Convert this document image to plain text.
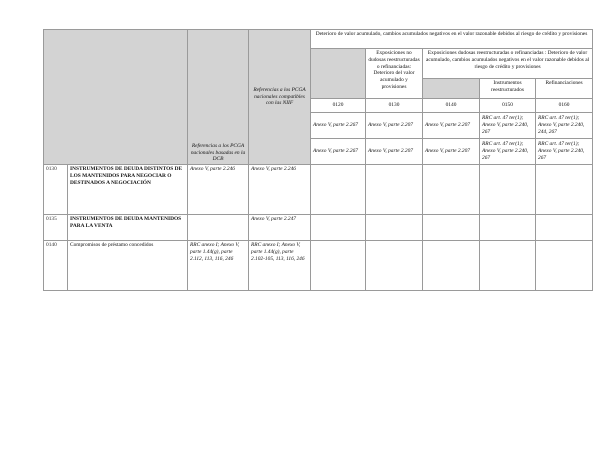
		Referencias a los PCGA nacionales basadas en la DCB	Referencias a los PCGA nacionales compatibles con las NIIF	Deterioro de valor acumulado, cambios acumulados negativos en el valor razonable debidos al riesgo de crédito y provisiones				
					Exposiciones no dudosas reestructuradas o refinanciadas: Deterioro del valor acumulado y provisiones	Exposiciones dudosas reestructuradas o refinanciadas : Deterioro de valor acumulado, cambios acumulados negativos en el valor razonable debidos al riesgo de crédito y provisiones		
							Instrumentos reestructurados	Refinanciaciones
				0120	0130	0140	0150	0160
				Anexo V, parte 2.267	Anexo V, parte 2.207	Anexo V, parte 2.207	RRC art. 47 ter(1); Anexo V, parte 2.240, 267	RRC art. 47 ter(1); Anexo V, parte 2.240, 244, 267
				Anexo V, parte 2.267	Anexo V, parte 2.207	Anexo V, parte 2.207	RRC art. 47 ter(1); Anexo V, parte 2.240, 267	RRC art. 47 ter(1); Anexo V, parte 2.240, 267
0130	INSTRUMENTOS DE DEUDA DISTINTOS DE LOS MANTENIDOS PARA NEGOCIAR O DESTINADOS A NEGOCIACIÓN	Anexo V, parte 2.246	Anexo V, parte 2.246					
0135	INSTRUMENTOS DE DEUDA MANTENIDOS PARA LA VENTA		Anexo V, parte 2.247					
0140	Compromisos de préstamo concedidos	RRC anexo I; Anexo V, parte 1.44(g), parte 2.112, 113, 116, 246	RRC anexo I; Anexo V, parte 1.44(g), parte 2.102-105, 113, 116, 246					
